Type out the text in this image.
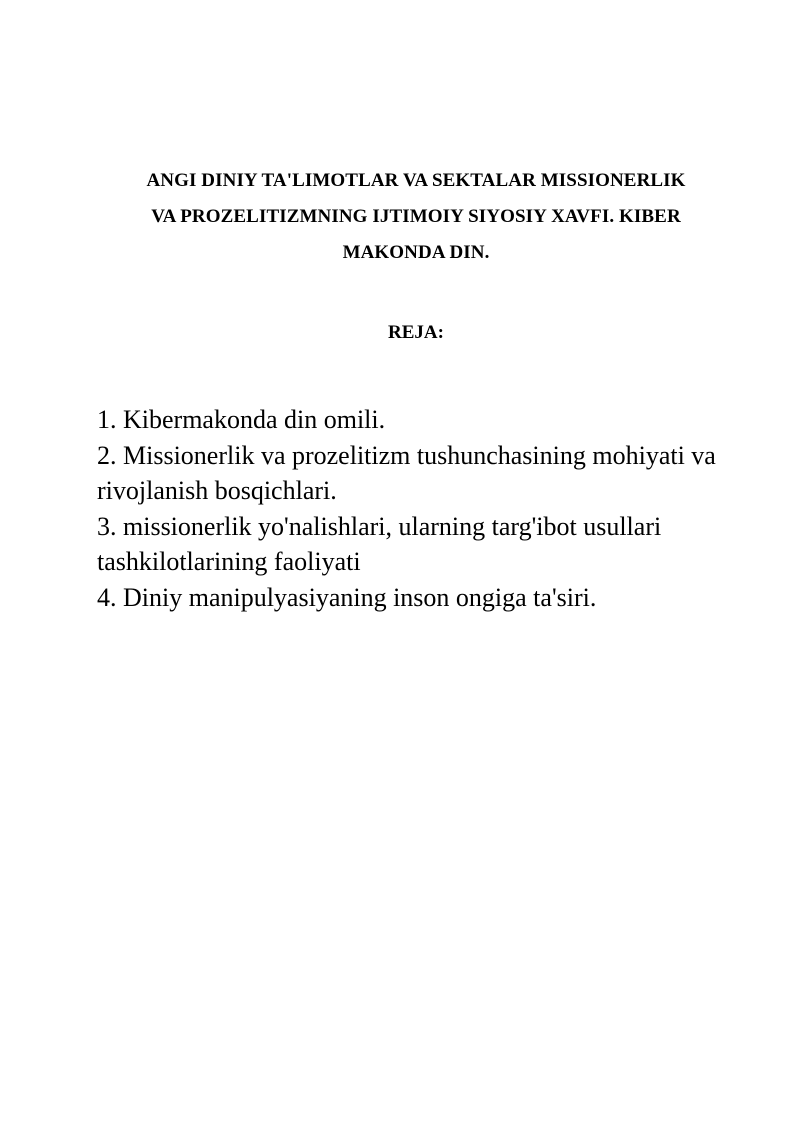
ANGI DINIY TA'LIMOTLAR VA SEKTALAR MISSIONERLIK
VA PROZELITIZMNING IJTIMOIY SIYOSIY XAVFI. KIBER
MAKONDA DIN.
REJA:
1. Kibermakonda din omili.
2. Missionerlik va prozelitizm tushunchasining mohiyati va rivojlanish bosqichlari.
3. missionerlik yo'nalishlari, ularning targ'ibot usullari tashkilotlarining faoliyati
4. Diniy manipulyasiyaning inson ongiga ta'siri.
